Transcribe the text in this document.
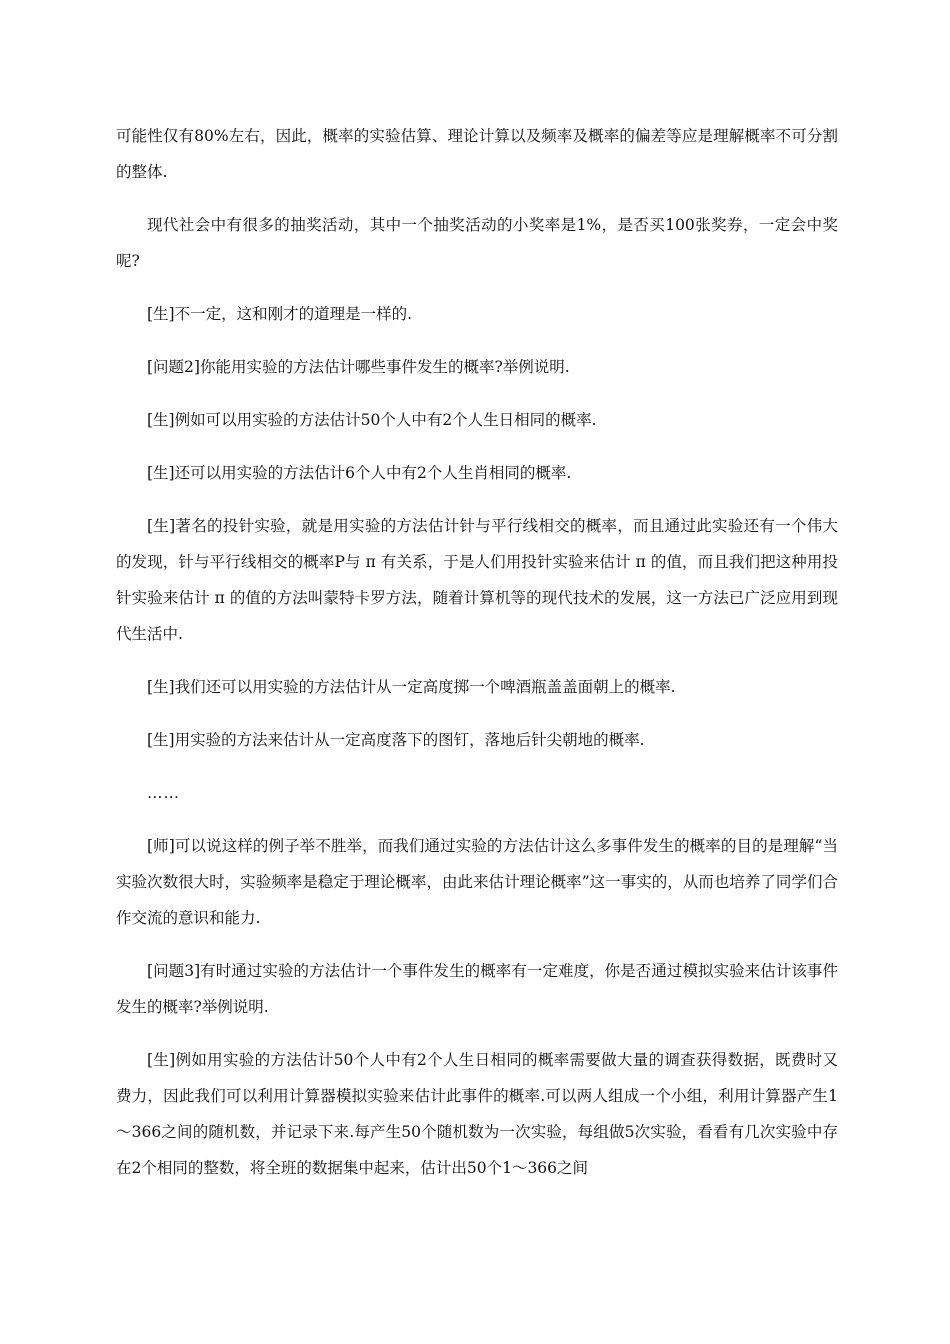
可能性仅有80%左右，因此，概率的实验估算、理论计算以及频率及概率的偏差等应是理解概率不可分割的整体.

现代社会中有很多的抽奖活动，其中一个抽奖活动的小奖率是1%，是否买100张奖券，一定会中奖呢?

[生]不一定，这和刚才的道理是一样的.

[问题2]你能用实验的方法估计哪些事件发生的概率?举例说明.

[生]例如可以用实验的方法估计50个人中有2个人生日相同的概率.

[生]还可以用实验的方法估计6个人中有2个人生肖相同的概率.

[生]著名的投针实验，就是用实验的方法估计针与平行线相交的概率，而且通过此实验还有一个伟大的发现，针与平行线相交的概率P与 π 有关系，于是人们用投针实验来估计 π 的值，而且我们把这种用投针实验来估计 π 的值的方法叫蒙特卡罗方法，随着计算机等的现代技术的发展，这一方法已广泛应用到现代生活中.

[生]我们还可以用实验的方法估计从一定高度掷一个啤酒瓶盖盖面朝上的概率.

[生]用实验的方法来估计从一定高度落下的图钉，落地后针尖朝地的概率.

……

[师]可以说这样的例子举不胜举，而我们通过实验的方法估计这么多事件发生的概率的目的是理解“当实验次数很大时，实验频率是稳定于理论概率，由此来估计理论概率”这一事实的，从而也培养了同学们合作交流的意识和能力.

[问题3]有时通过实验的方法估计一个事件发生的概率有一定难度，你是否通过模拟实验来估计该事件发生的概率?举例说明.

[生]例如用实验的方法估计50个人中有2个人生日相同的概率需要做大量的调查获得数据，既费时又费力，因此我们可以利用计算器模拟实验来估计此事件的概率.可以两人组成一个小组，利用计算器产生1～366之间的随机数，并记录下来.每产生50个随机数为一次实验，每组做5次实验，看看有几次实验中存在2个相同的整数，将全班的数据集中起来，估计出50个1～366之间
